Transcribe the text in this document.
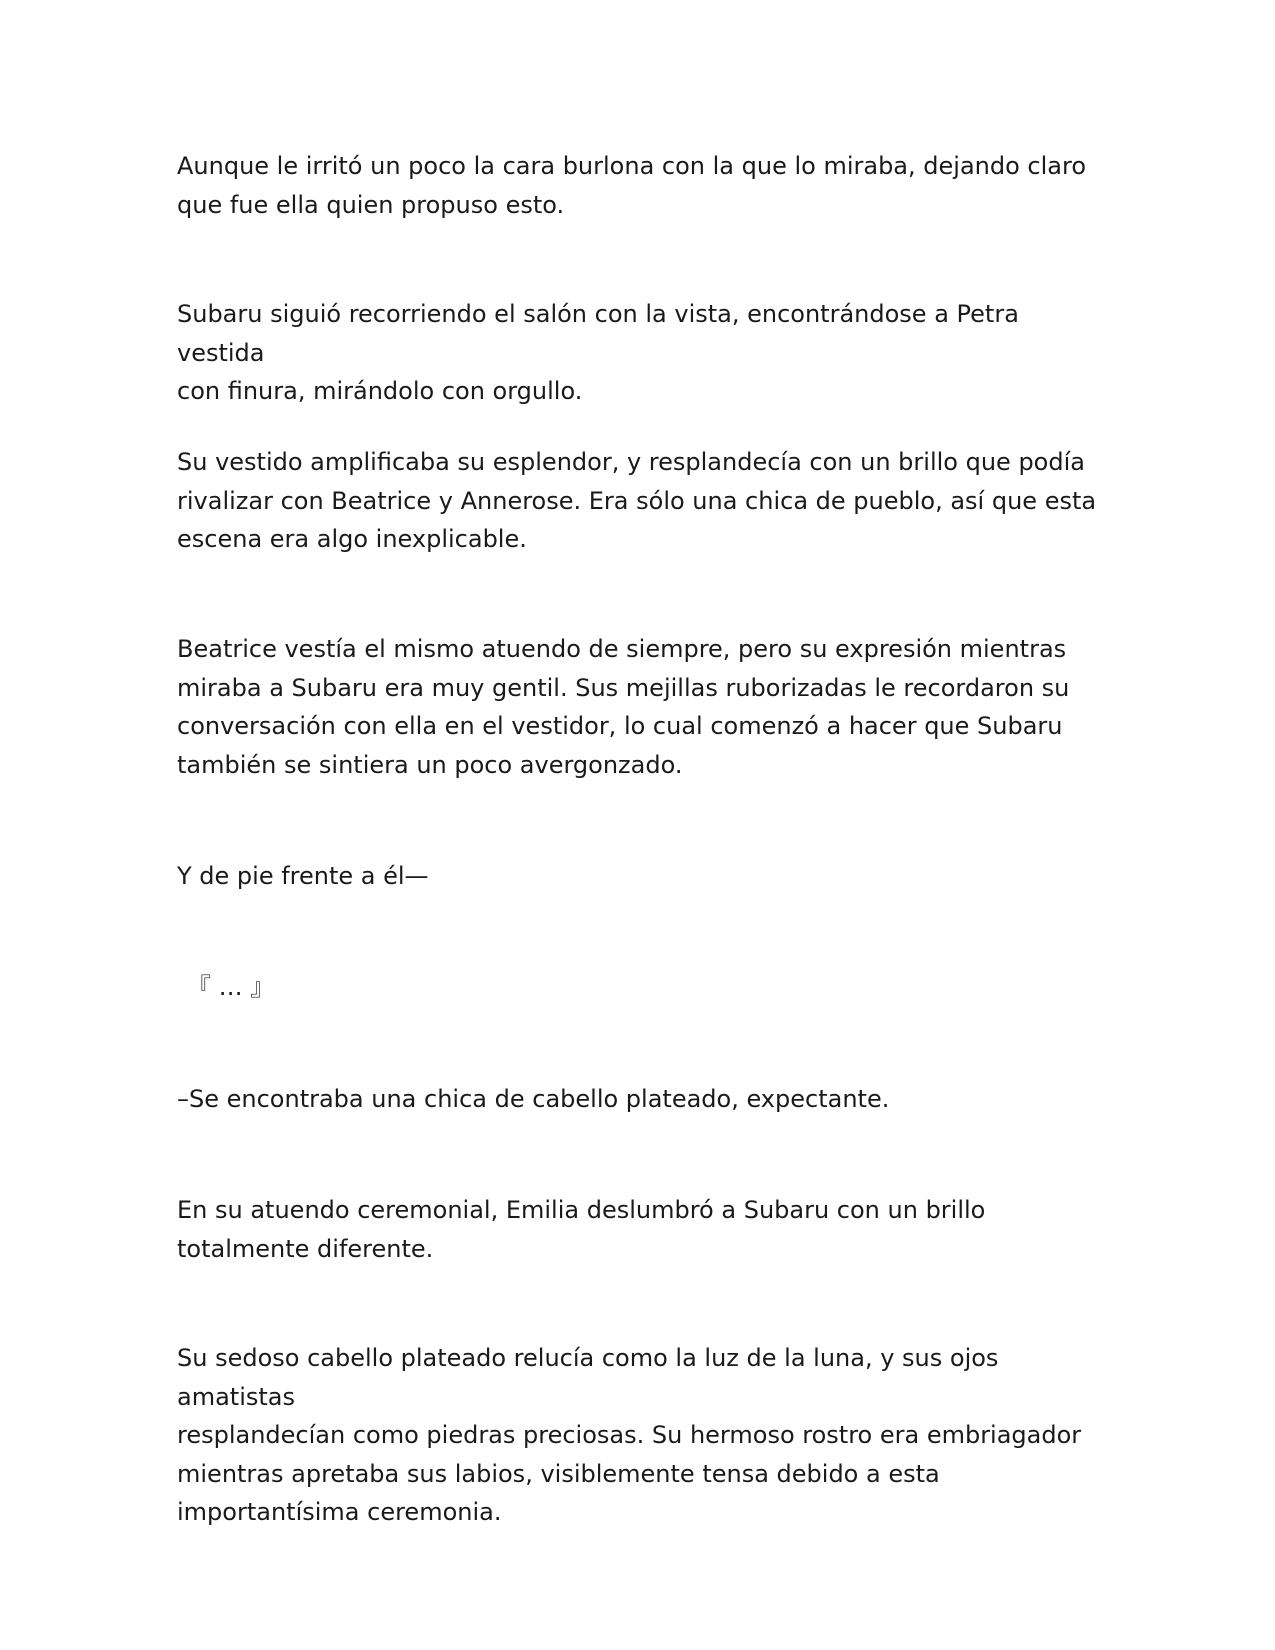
Aunque le irritó un poco la cara burlona con la que lo miraba, dejando claro
que fue ella quien propuso esto.

Subaru siguió recorriendo el salón con la vista, encontrándose a Petra vestida
con finura, mirándolo con orgullo.

Su vestido amplificaba su esplendor, y resplandecía con un brillo que podía
rivalizar con Beatrice y Annerose. Era sólo una chica de pueblo, así que esta
escena era algo inexplicable.

Beatrice vestía el mismo atuendo de siempre, pero su expresión mientras
miraba a Subaru era muy gentil. Sus mejillas ruborizadas le recordaron su
conversación con ella en el vestidor, lo cual comenzó a hacer que Subaru
también se sintiera un poco avergonzado.

Y de pie frente a él—

『 … 』

–Se encontraba una chica de cabello plateado, expectante.

En su atuendo ceremonial, Emilia deslumbró a Subaru con un brillo
totalmente diferente.

Su sedoso cabello plateado relucía como la luz de la luna, y sus ojos amatistas
resplandecían como piedras preciosas. Su hermoso rostro era embriagador
mientras apretaba sus labios, visiblemente tensa debido a esta
importantísima ceremonia.
